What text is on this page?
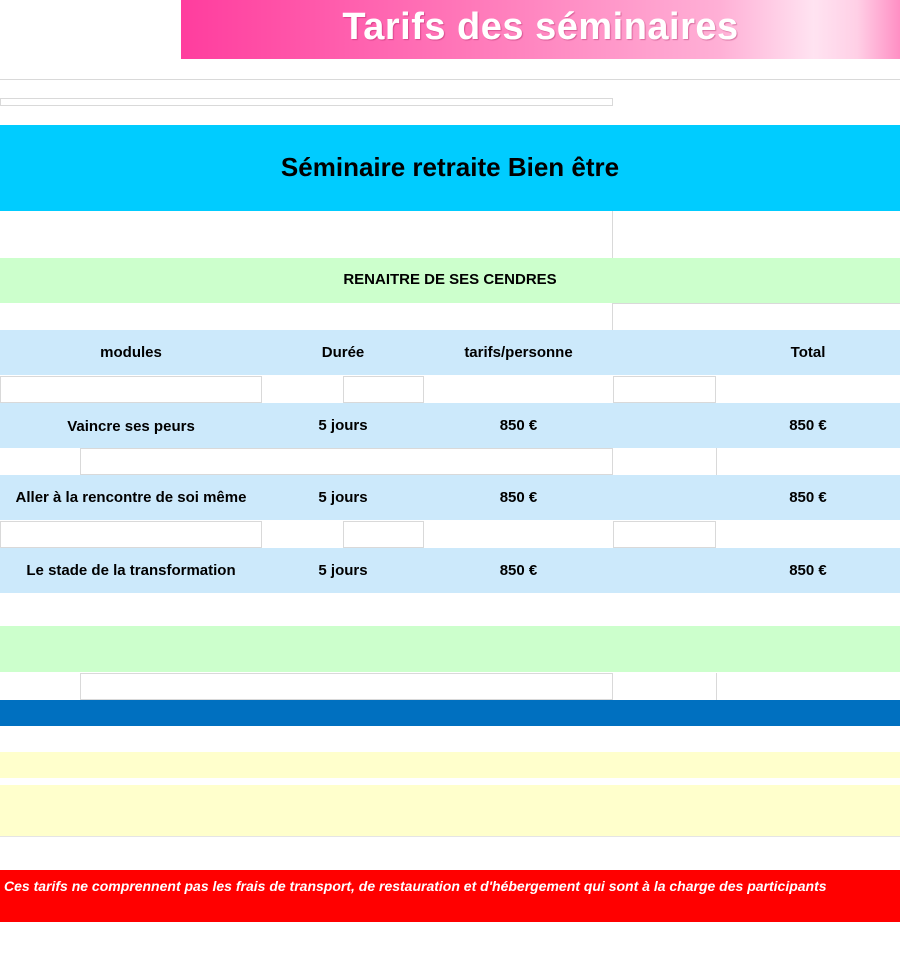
Tarifs des séminaires
Séminaire retraite Bien être
RENAITRE DE SES CENDRES
modules	Durée	tarifs/personne	Total
Vaincre ses peurs	5 jours	850 €	850 €
Aller à la rencontre de soi même	5 jours	850 €	850 €
Le stade de la transformation	5 jours	850 €	850 €
Ces tarifs ne comprennent pas les frais de transport, de restauration et d'hébergement qui sont à la charge des participants
